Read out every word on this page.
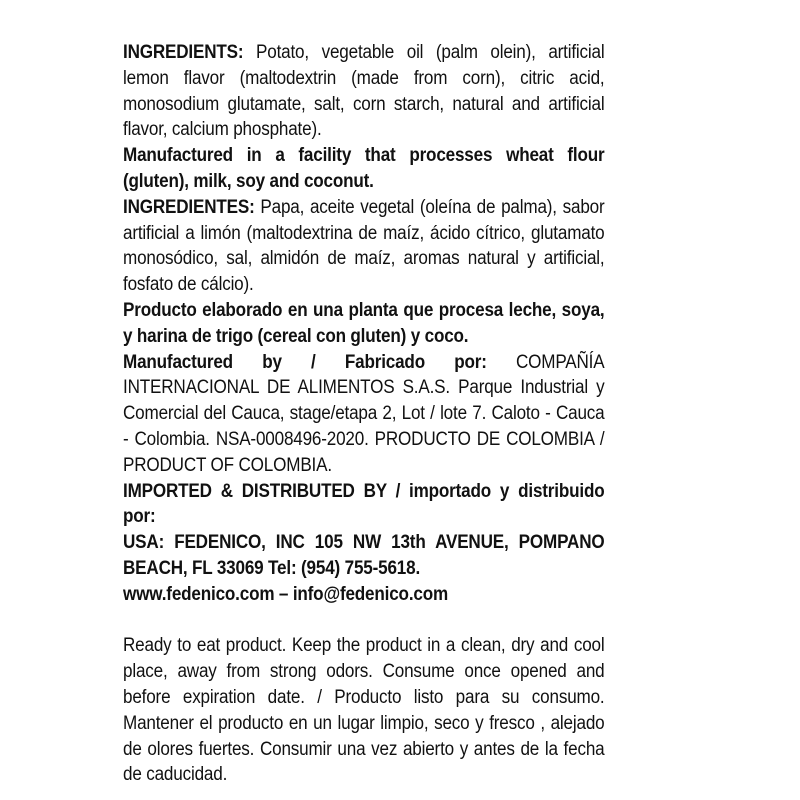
INGREDIENTS: Potato, vegetable oil (palm olein), artificial lemon flavor (maltodextrin (made from corn), citric acid, monosodium glutamate, salt, corn starch, natural and artificial flavor, calcium phosphate).

Manufactured in a facility that processes wheat flour (gluten), milk, soy and coconut.

INGREDIENTES: Papa, aceite vegetal (oleína de palma), sabor artificial a limón (maltodextrina de maíz, ácido cítrico, glutamato monosódico, sal, almidón de maíz, aromas natural y artificial, fosfato de cálcio).

Producto elaborado en una planta que procesa leche, soya, y harina de trigo (cereal con gluten) y coco.

Manufactured by / Fabricado por: COMPAÑÍA INTERNACIONAL DE ALIMENTOS S.A.S. Parque Industrial y Comercial del Cauca, stage/etapa 2, Lot / lote 7. Caloto - Cauca - Colombia. NSA-0008496-2020. PRODUCTO DE COLOMBIA / PRODUCT OF COLOMBIA.

IMPORTED & DISTRIBUTED BY / importado y distribuido por:
USA: FEDENICO, INC 105 NW 13th AVENUE, POMPANO BEACH, FL 33069 Tel: (954) 755-5618.
www.fedenico.com – info@fedenico.com

Ready to eat product. Keep the product in a clean, dry and cool place, away from strong odors. Consume once opened and before expiration date. / Producto listo para su consumo. Mantener el producto en un lugar limpio, seco y fresco , alejado de olores fuertes. Consumir una vez abierto y antes de la fecha de caducidad.
